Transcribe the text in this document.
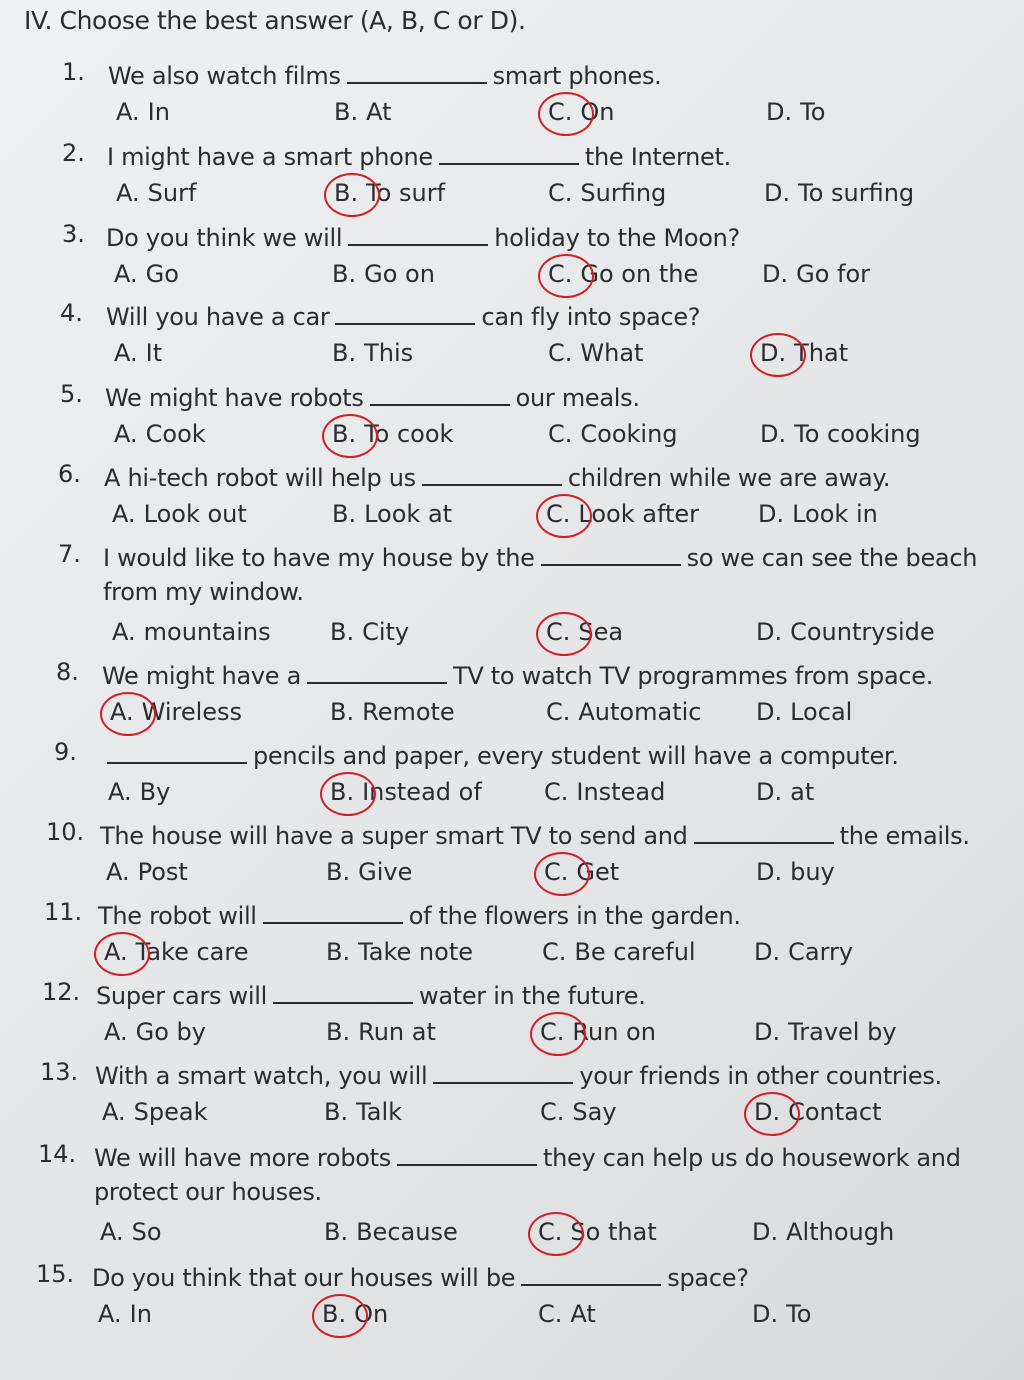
IV. Choose the best answer (A, B, C or D).
1. We also watch films	smart phones.
A. In	B. At	C. On	D. To
2. I might have a smart phone	the Internet.
A. Surf	B. To surf	C. Surfing	D. To surfing
3. Do you think we will	holiday to the Moon?
A. Go	B. Go on	C. Go on the	D. Go for
4. Will you have a car	can fly into space?
A. It	B. This	C. What	D. That
5. We might have robots	our meals.
A. Cook	B. To cook	C. Cooking	D. To cooking
6. A hi-tech robot will help us	children while we are away.
A. Look out	B. Look at	C. Look after D. Look in
7. I would like to have my house by the	so we can see the beach
from my window.
A. mountains B. City	C. Sea	D. Countryside
8. We might have a	TV to watch TV programmes from space.
A. Wireless	B. Remote	C. Automatic D. Local
9.	pencils and paper, every student will have a computer.
A. By	B. Instead of	C. Instead	D. at
10. The house will have a super smart TV to send and	the emails.
A. Post	B. Give	C. Get	D. buy
11. The robot will	of the flowers in the garden.
A. Take care	B. Take note	C. Be careful D. Carry
12. Super cars will	water in the future.
A. Go by	B. Run at	C. Run on	D. Travel by
13. With a smart watch, you will	your friends in other countries.
A. Speak	B. Talk	C. Say	D. Contact
14. We will have more robots	they can help us do housework and
protect our houses.
A. So	B. Because	C. So that	D. Although
15. Do you think that our houses will be	space?
A. In	B. On	C. At	D. To
